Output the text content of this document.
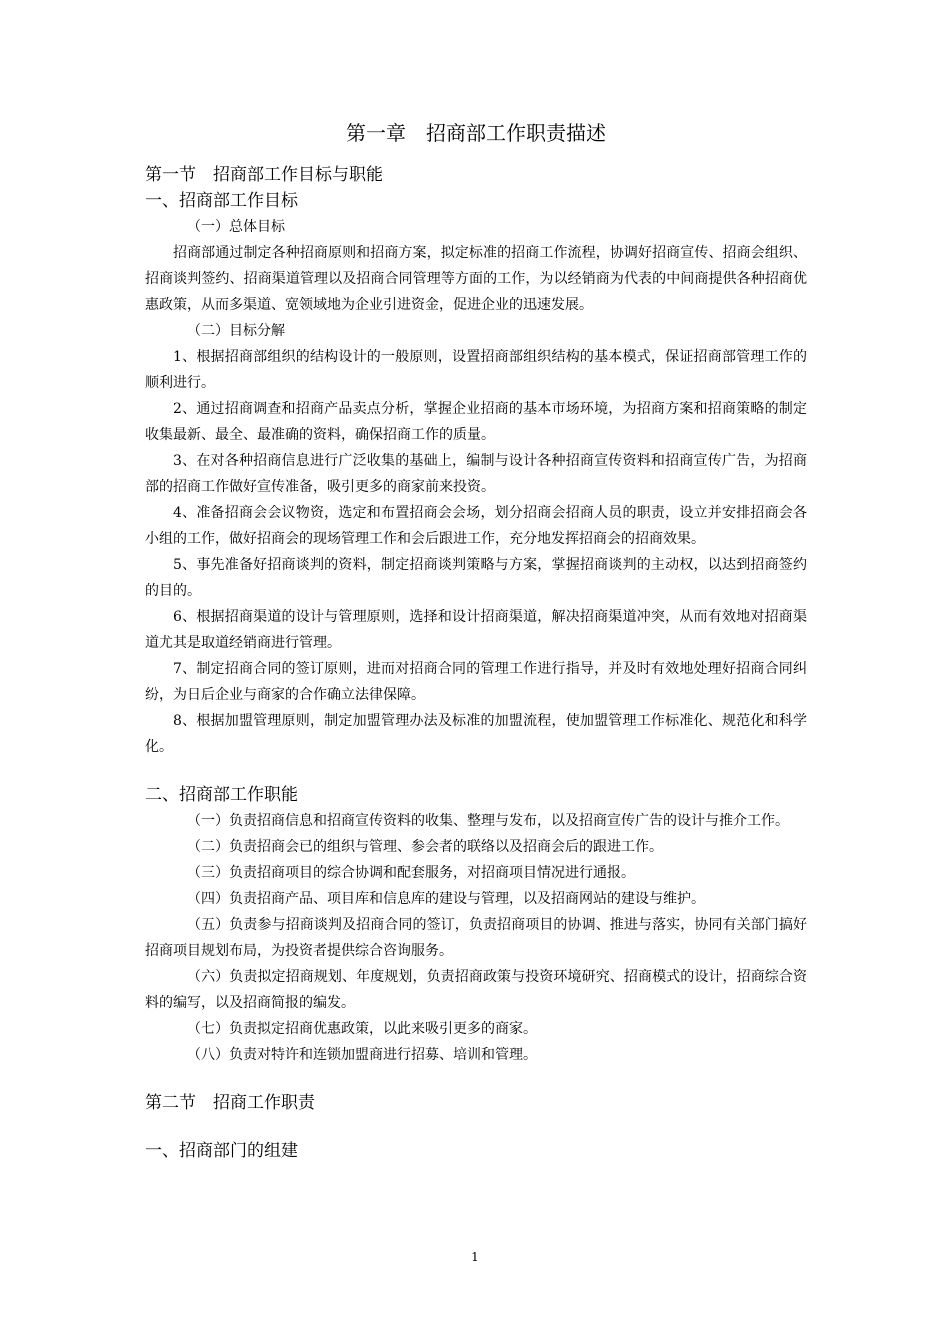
第一章　招商部工作职责描述
第一节　招商部工作目标与职能
一、招商部工作目标
（一）总体目标

招商部通过制定各种招商原则和招商方案，拟定标准的招商工作流程，协调好招商宣传、招商会组织、招商谈判签约、招商渠道管理以及招商合同管理等方面的工作，为以经销商为代表的中间商提供各种招商优惠政策，从而多渠道、宽领域地为企业引进资金，促进企业的迅速发展。

（二）目标分解

1、根据招商部组织的结构设计的一般原则，设置招商部组织结构的基本模式，保证招商部管理工作的顺利进行。

2、通过招商调查和招商产品卖点分析，掌握企业招商的基本市场环境，为招商方案和招商策略的制定收集最新、最全、最准确的资料，确保招商工作的质量。

3、在对各种招商信息进行广泛收集的基础上，编制与设计各种招商宣传资料和招商宣传广告，为招商部的招商工作做好宣传准备，吸引更多的商家前来投资。

4、准备招商会会议物资，选定和布置招商会会场，划分招商会招商人员的职责，设立并安排招商会各小组的工作，做好招商会的现场管理工作和会后跟进工作，充分地发挥招商会的招商效果。

5、事先准备好招商谈判的资料，制定招商谈判策略与方案，掌握招商谈判的主动权，以达到招商签约的目的。

6、根据招商渠道的设计与管理原则，选择和设计招商渠道，解决招商渠道冲突，从而有效地对招商渠道尤其是取道经销商进行管理。

7、制定招商合同的签订原则，进而对招商合同的管理工作进行指导，并及时有效地处理好招商合同纠纷，为日后企业与商家的合作确立法律保障。

8、根据加盟管理原则，制定加盟管理办法及标准的加盟流程，使加盟管理工作标准化、规范化和科学化。

二、招商部工作职能

（一）负责招商信息和招商宣传资料的收集、整理与发布，以及招商宣传广告的设计与推介工作。

（二）负责招商会已的组织与管理、参会者的联络以及招商会后的跟进工作。

（三）负责招商项目的综合协调和配套服务，对招商项目情况进行通报。

（四）负责招商产品、项目库和信息库的建设与管理，以及招商网站的建设与维护。

（五）负责参与招商谈判及招商合同的签订，负责招商项目的协调、推进与落实，协同有关部门搞好招商项目规划布局，为投资者提供综合咨询服务。

（六）负责拟定招商规划、年度规划，负责招商政策与投资环境研究、招商模式的设计，招商综合资料的编写，以及招商简报的编发。

（七）负责拟定招商优惠政策，以此来吸引更多的商家。

（八）负责对特许和连锁加盟商进行招募、培训和管理。

第二节　招商工作职责
一、招商部门的组建
1
